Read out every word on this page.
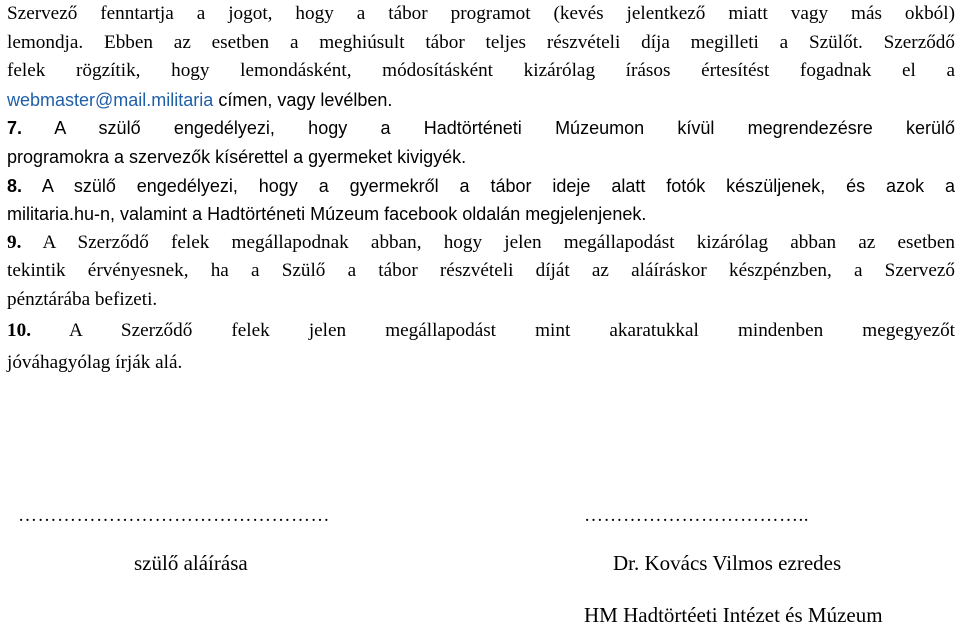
Szervező fenntartja a jogot, hogy a tábor programot (kevés jelentkező miatt vagy más okból)
lemondja. Ebben az esetben a meghiúsult tábor teljes részvételi díja megilleti a Szülőt. Szerződő
felek rögzítik, hogy lemondásként, módosításként kizárólag írásos értesítést fogadnak el a
webmaster@mail.militaria címen, vagy levélben.
7. A szülő engedélyezi, hogy a Hadtörténeti Múzeumon kívül megrendezésre kerülő
programokra a szervezők kísérettel a gyermeket kivigyék.
8. A szülő engedélyezi, hogy a gyermekről a tábor ideje alatt fotók készüljenek, és azok a
militaria.hu-n, valamint a Hadtörténeti Múzeum facebook oldalán megjelenjenek.
9. A Szerződő felek megállapodnak abban, hogy jelen megállapodást kizárólag abban az esetben
tekintik érvényesnek, ha a Szülő a tábor részvételi díját az aláíráskor készpénzben, a Szervező
pénztárába befizeti.
10. A Szerződő felek jelen megállapodást mint akaratukkal mindenben megegyezőt
jóváhagyólag írják alá.
…………………………………………	……………………………..
szülő aláírása	Dr. Kovács Vilmos ezredes
HM Hadtörtéeti Intézet és Múzeum
